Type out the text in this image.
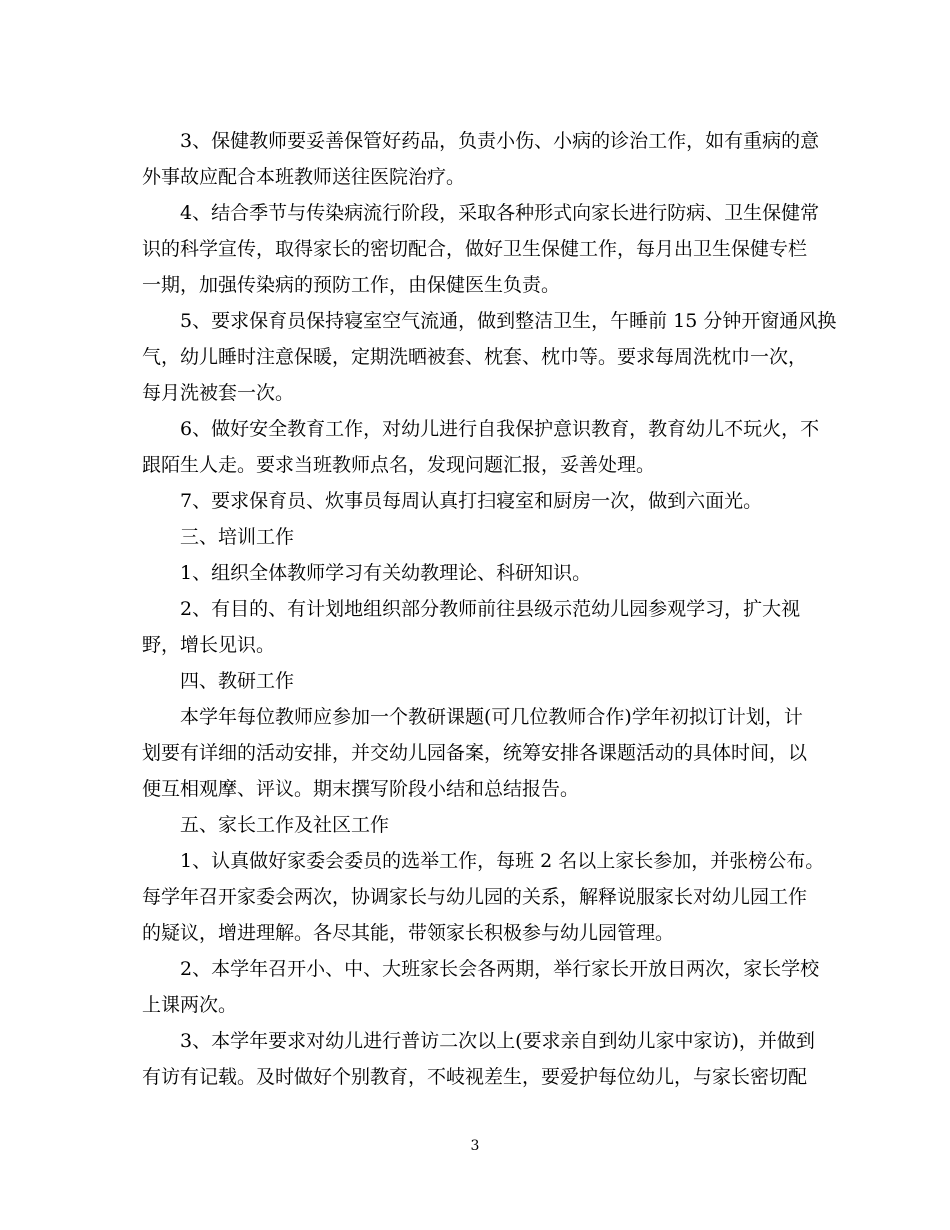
3、保健教师要妥善保管好药品，负责小伤、小病的诊治工作，如有重病的意
外事故应配合本班教师送往医院治疗。
4、结合季节与传染病流行阶段，采取各种形式向家长进行防病、卫生保健常
识的科学宣传，取得家长的密切配合，做好卫生保健工作，每月出卫生保健专栏
一期，加强传染病的预防工作，由保健医生负责。
5、要求保育员保持寝室空气流通，做到整洁卫生，午睡前 15 分钟开窗通风换
气，幼儿睡时注意保暖，定期洗晒被套、枕套、枕巾等。要求每周洗枕巾一次，
每月洗被套一次。
6、做好安全教育工作，对幼儿进行自我保护意识教育，教育幼儿不玩火，不
跟陌生人走。要求当班教师点名，发现问题汇报，妥善处理。
7、要求保育员、炊事员每周认真打扫寝室和厨房一次，做到六面光。
三、培训工作
1、组织全体教师学习有关幼教理论、科研知识。
2、有目的、有计划地组织部分教师前往县级示范幼儿园参观学习，扩大视
野，增长见识。
四、教研工作
本学年每位教师应参加一个教研课题(可几位教师合作)学年初拟订计划，计
划要有详细的活动安排，并交幼儿园备案，统筹安排各课题活动的具体时间，以
便互相观摩、评议。期末撰写阶段小结和总结报告。
五、家长工作及社区工作
1、认真做好家委会委员的选举工作，每班 2 名以上家长参加，并张榜公布。
每学年召开家委会两次，协调家长与幼儿园的关系，解释说服家长对幼儿园工作
的疑议，增进理解。各尽其能，带领家长积极参与幼儿园管理。
2、本学年召开小、中、大班家长会各两期，举行家长开放日两次，家长学校
上课两次。
3、本学年要求对幼儿进行普访二次以上(要求亲自到幼儿家中家访)，并做到
有访有记载。及时做好个别教育，不岐视差生，要爱护每位幼儿，与家长密切配

3
